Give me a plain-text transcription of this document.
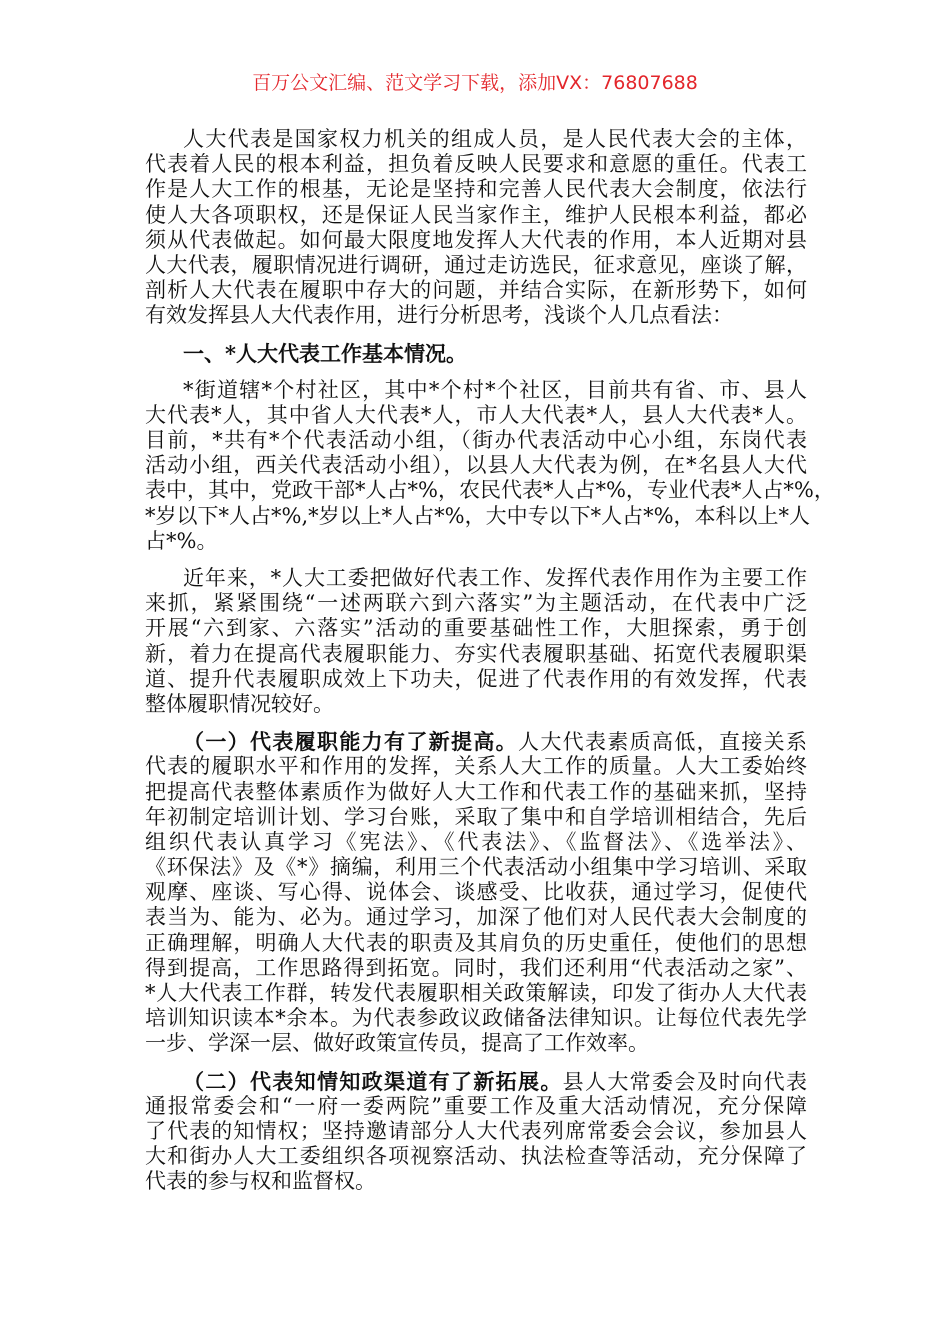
百万公文汇编、范文学习下载，添加VX：76807688
人大代表是国家权力机关的组成人员，是人民代表大会的主体，
代表着人民的根本利益，担负着反映人民要求和意愿的重任。代表工
作是人大工作的根基，无论是坚持和完善人民代表大会制度，依法行
使人大各项职权，还是保证人民当家作主，维护人民根本利益，都必
须从代表做起。如何最大限度地发挥人大代表的作用，本人近期对县
人大代表，履职情况进行调研，通过走访选民，征求意见，座谈了解，
剖析人大代表在履职中存大的问题，并结合实际，在新形势下，如何
有效发挥县人大代表作用，进行分析思考，浅谈个人几点看法：
一、*人大代表工作基本情况。
*街道辖*个村社区，其中*个村*个社区，目前共有省、市、县人
大代表*人，其中省人大代表*人，市人大代表*人，县人大代表*人。
目前，*共有*个代表活动小组，（街办代表活动中心小组，东岗代表
活动小组，西关代表活动小组），以县人大代表为例，在*名县人大代
表中，其中，党政干部*人占*%，农民代表*人占*%，专业代表*人占*%，
*岁以下*人占*%,*岁以上*人占*%，大中专以下*人占*%，本科以上*人
占*%。
近年来，*人大工委把做好代表工作、发挥代表作用作为主要工作
来抓，紧紧围绕“一述两联六到六落实”为主题活动，在代表中广泛
开展“六到家、六落实”活动的重要基础性工作，大胆探索，勇于创
新，着力在提高代表履职能力、夯实代表履职基础、拓宽代表履职渠
道、提升代表履职成效上下功夫，促进了代表作用的有效发挥，代表
整体履职情况较好。
（一）代表履职能力有了新提高。人大代表素质高低，直接关系
代表的履职水平和作用的发挥，关系人大工作的质量。人大工委始终
把提高代表整体素质作为做好人大工作和代表工作的基础来抓，坚持
年初制定培训计划、学习台账，采取了集中和自学培训相结合，先后
组织代表认真学习《宪法》、《代表法》、《监督法》、《选举法》、
《环保法》及《*》摘编，利用三个代表活动小组集中学习培训、采取
观摩、座谈、写心得、说体会、谈感受、比收获，通过学习，促使代
表当为、能为、必为。通过学习，加深了他们对人民代表大会制度的
正确理解，明确人大代表的职责及其肩负的历史重任，使他们的思想
得到提高，工作思路得到拓宽。同时，我们还利用“代表活动之家”、
*人大代表工作群，转发代表履职相关政策解读，印发了街办人大代表
培训知识读本*余本。为代表参政议政储备法律知识。让每位代表先学
一步、学深一层、做好政策宣传员，提高了工作效率。
（二）代表知情知政渠道有了新拓展。县人大常委会及时向代表
通报常委会和“一府一委两院”重要工作及重大活动情况，充分保障
了代表的知情权；坚持邀请部分人大代表列席常委会会议，参加县人
大和街办人大工委组织各项视察活动、执法检查等活动，充分保障了
代表的参与权和监督权。
